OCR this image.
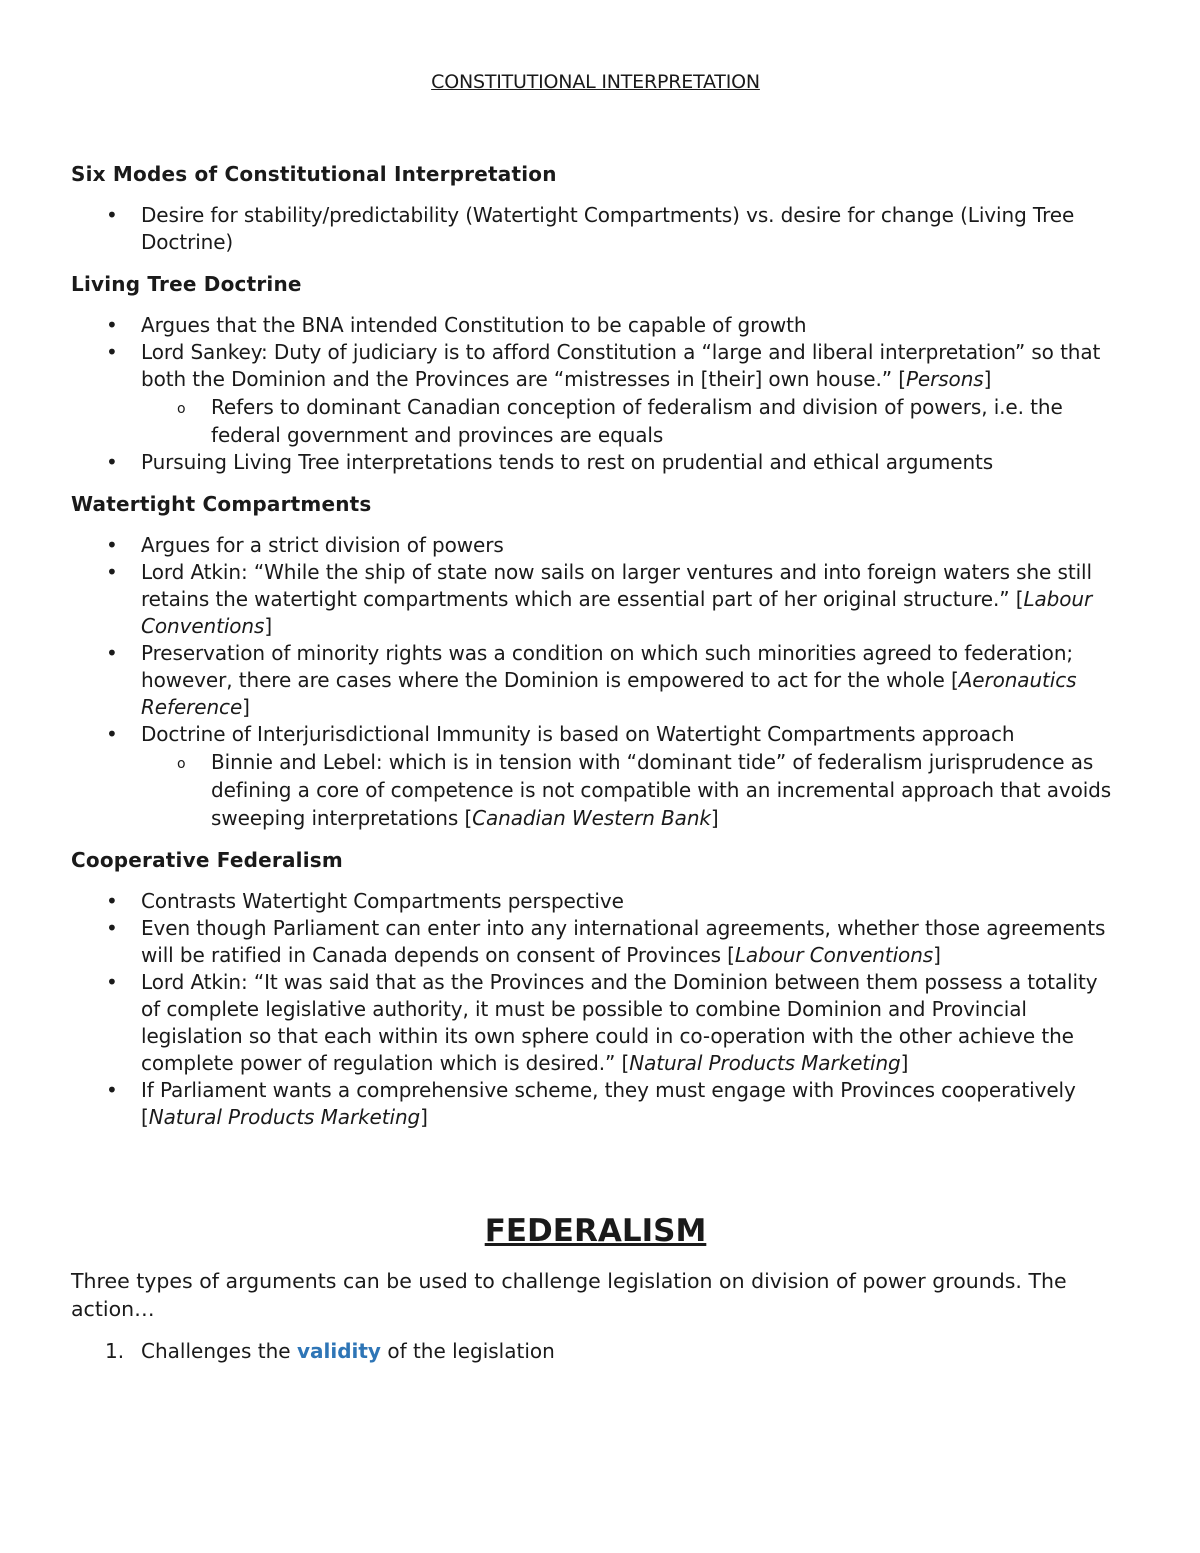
CONSTITUTIONAL INTERPRETATION
Six Modes of Constitutional Interpretation
• Desire for stability/predictability (Watertight Compartments) vs. desire for change (Living Tree Doctrine)
Living Tree Doctrine
• Argues that the BNA intended Constitution to be capable of growth
• Lord Sankey: Duty of judiciary is to afford Constitution a “large and liberal interpretation” so that both the Dominion and the Provinces are “mistresses in [their] own house.” [Persons]
o Refers to dominant Canadian conception of federalism and division of powers, i.e. the federal government and provinces are equals
• Pursuing Living Tree interpretations tends to rest on prudential and ethical arguments
Watertight Compartments
• Argues for a strict division of powers
• Lord Atkin: “While the ship of state now sails on larger ventures and into foreign waters she still retains the watertight compartments which are essential part of her original structure.” [Labour Conventions]
• Preservation of minority rights was a condition on which such minorities agreed to federation; however, there are cases where the Dominion is empowered to act for the whole [Aeronautics Reference]
• Doctrine of Interjurisdictional Immunity is based on Watertight Compartments approach
o Binnie and Lebel: which is in tension with “dominant tide” of federalism jurisprudence as defining a core of competence is not compatible with an incremental approach that avoids sweeping interpretations [Canadian Western Bank]
Cooperative Federalism
• Contrasts Watertight Compartments perspective
• Even though Parliament can enter into any international agreements, whether those agreements will be ratified in Canada depends on consent of Provinces [Labour Conventions]
• Lord Atkin: “It was said that as the Provinces and the Dominion between them possess a totality of complete legislative authority, it must be possible to combine Dominion and Provincial legislation so that each within its own sphere could in co-operation with the other achieve the complete power of regulation which is desired.” [Natural Products Marketing]
• If Parliament wants a comprehensive scheme, they must engage with Provinces cooperatively [Natural Products Marketing]
FEDERALISM

Three types of arguments can be used to challenge legislation on division of power grounds. The action…

1. Challenges the validity of the legislation
